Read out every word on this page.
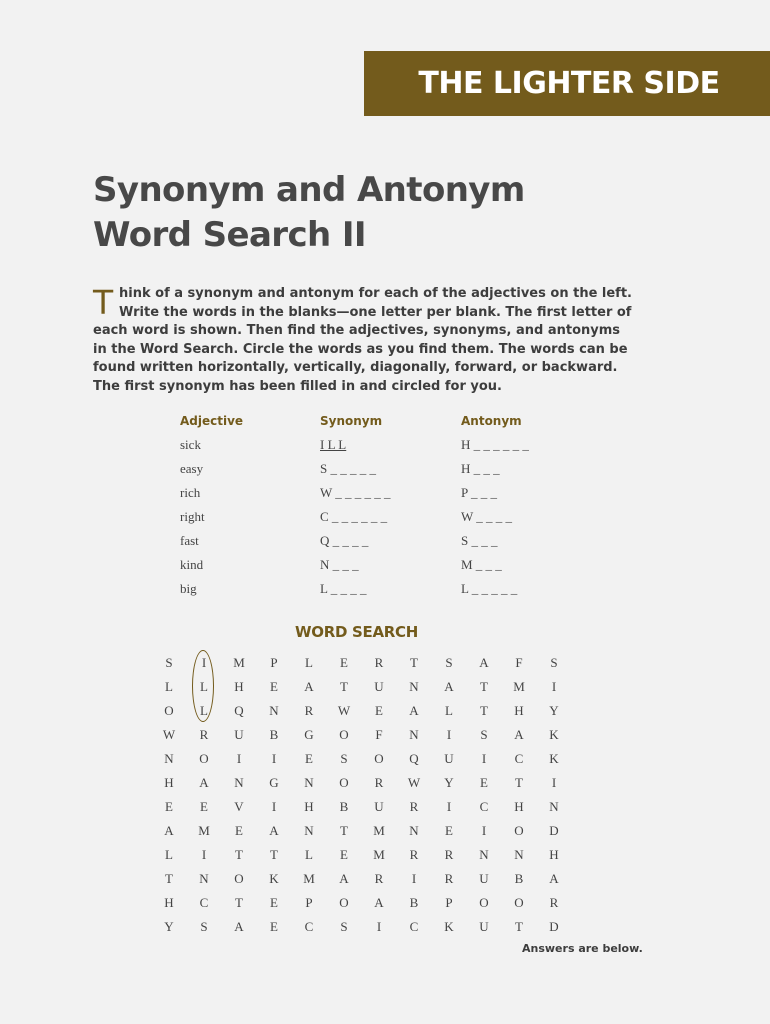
THE LIGHTER SIDE
Synonym and Antonym
Word Search II

T hink of a synonym and antonym for each of the adjectives on the left.
Write the words in the blanks—one letter per blank. The first letter of
each word is shown. Then find the adjectives, synonyms, and antonyms
in the Word Search. Circle the words as you find them. The words can be
found written horizontally, vertically, diagonally, forward, or backward.
The first synonym has been filled in and circled for you.

Adjective	Synonym	Antonym
sick	I L L	H _ _ _ _ _ _
easy	S _ _ _ _ _	H _ _ _
rich	W _ _ _ _ _ _	P _ _ _
right	C _ _ _ _ _ _	W _ _ _ _
fast	Q _ _ _ _	S _ _ _
kind	N _ _ _	M _ _ _
big	L _ _ _ _	L _ _ _ _ _
WORD SEARCH
S	I	M	P	L	E	R	T	S	A	F	S
L	L	H	E	A	T	U	N	A	T	M	I
O	L	Q	N	R	W	E	A	L	T	H	Y
W	R	U	B	G	O	F	N	I	S	A	K
N	O	I	I	E	S	O	Q	U	I	C	K
H	A	N	G	N	O	R	W	Y	E	T	I
E	E	V	I	H	B	U	R	I	C	H	N
A	M	E	A	N	T	M	N	E	I	O	D
L	I	T	T	L	E	M	R	R	N	N	H
T	N	O	K	M	A	R	I	R	U	B	A
H	C	T	E	P	O	A	B	P	O	O	R
Y	S	A	E	C	S	I	C	K	U	T	D
Answers are below.
